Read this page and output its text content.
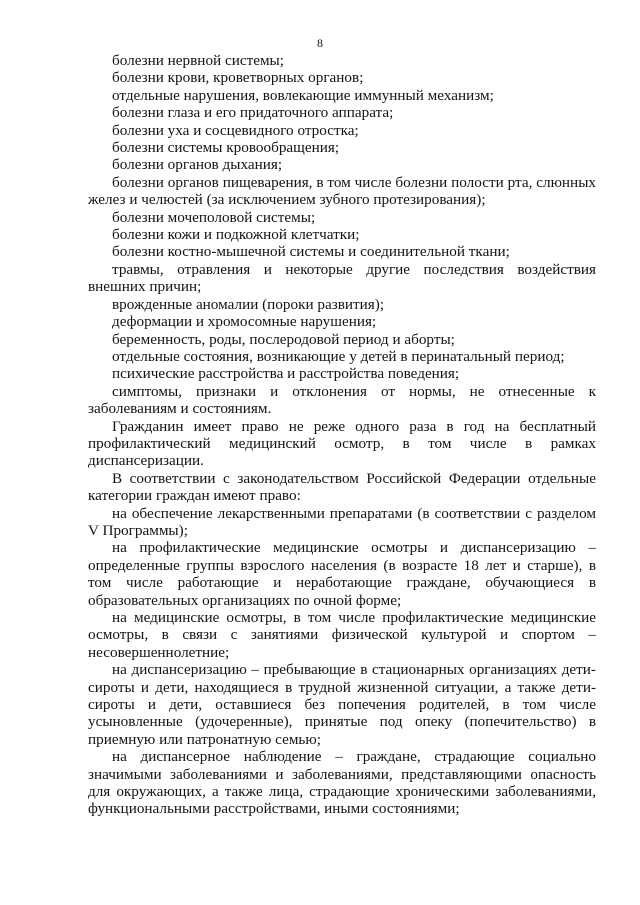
8

болезни нервной системы;

болезни крови, кроветворных органов;

отдельные нарушения, вовлекающие иммунный механизм;

болезни глаза и его придаточного аппарата;

болезни уха и сосцевидного отростка;

болезни системы кровообращения;

болезни органов дыхания;

болезни органов пищеварения, в том числе болезни полости рта, слюнных желез и челюстей (за исключением зубного протезирования);

болезни мочеполовой системы;

болезни кожи и подкожной клетчатки;

болезни костно-мышечной системы и соединительной ткани;

травмы, отравления и некоторые другие последствия воздействия внешних причин;

врожденные аномалии (пороки развития);

деформации и хромосомные нарушения;

беременность, роды, послеродовой период и аборты;

отдельные состояния, возникающие у детей в перинатальный период;

психические расстройства и расстройства поведения;

симптомы, признаки и отклонения от нормы, не отнесенные к заболеваниям и состояниям.

Гражданин имеет право не реже одного раза в год на бесплатный профилактический медицинский осмотр, в том числе в рамках диспансеризации.

В соответствии с законодательством Российской Федерации отдельные категории граждан имеют право:

на обеспечение лекарственными препаратами (в соответствии с разделом V Программы);

на профилактические медицинские осмотры и диспансеризацию – определенные группы взрослого населения (в возрасте 18 лет и старше), в том числе работающие и неработающие граждане, обучающиеся в образовательных организациях по очной форме;

на медицинские осмотры, в том числе профилактические медицинские осмотры, в связи с занятиями физической культурой и спортом – несовершеннолетние;

на диспансеризацию – пребывающие в стационарных организациях дети-сироты и дети, находящиеся в трудной жизненной ситуации, а также дети-сироты и дети, оставшиеся без попечения родителей, в том числе усыновленные (удочеренные), принятые под опеку (попечительство) в приемную или патронатную семью;

на диспансерное наблюдение – граждане, страдающие социально значимыми заболеваниями и заболеваниями, представляющими опасность для окружающих, а также лица, страдающие хроническими заболеваниями, функциональными расстройствами, иными состояниями;
